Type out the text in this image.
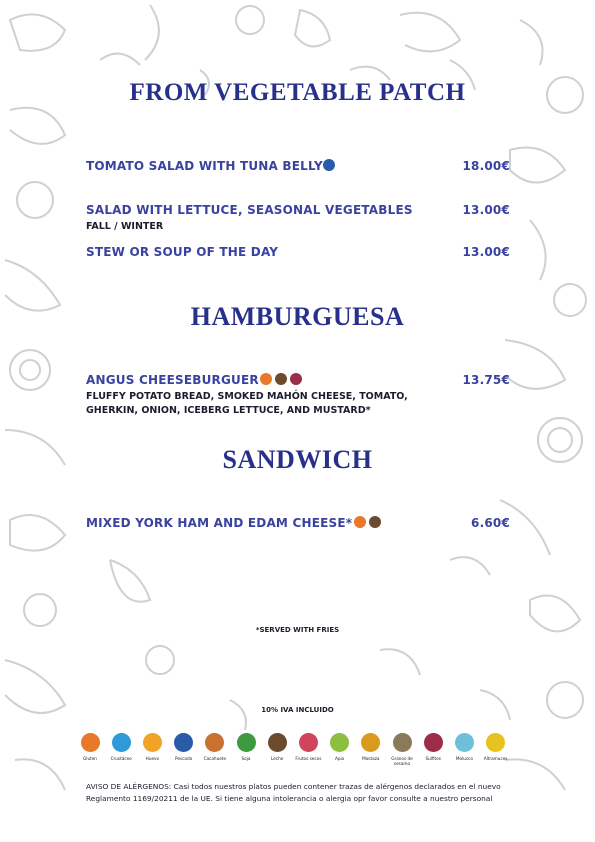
FROM VEGETABLE PATCH
TOMATO SALAD WITH TUNA BELLY	18.00€
SALAD WITH LETTUCE, SEASONAL VEGETABLES	13.00€
FALL / WINTER
STEW OR SOUP OF THE DAY	13.00€
HAMBURGUESA
ANGUS CHEESEBURGUER	13.75€
FLUFFY POTATO BREAD, SMOKED MAHÓN CHEESE, TOMATO,
GHERKIN, ONION, ICEBERG LETTUCE, AND MUSTARD*
SANDWICH
MIXED YORK HAM AND EDAM CHEESE*	6.60€
*SERVED WITH FRIES
10% IVA INCLUIDO
Gluten	Crustáceo	Huevo	Pescado	Cacahuete	Soja	Leche	Frutos secos	Apio	Mostaza	Granos de sesamo
Sulfitos	Molusco	Altramuces
AVISO DE ALÉRGENOS: Casi todos nuestros platos pueden contener trazas de alérgenos declarados en el nuevo
Reglamento 1169/20211 de la UE. Si tiene alguna intolerancia o alergia opr favor consulte a nuestro personal
